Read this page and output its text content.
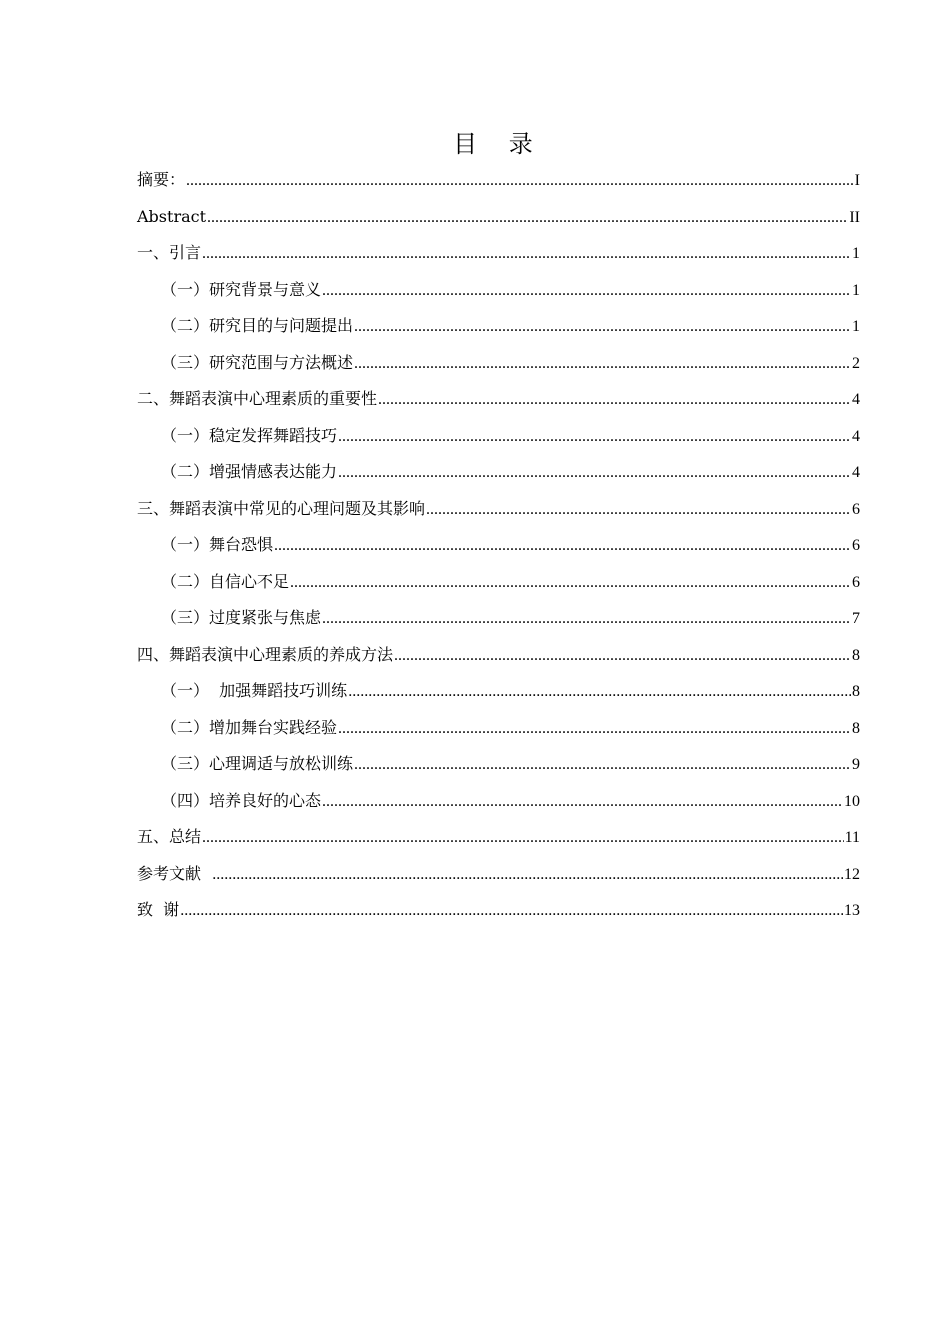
目 录
摘要： .....	I
Abstract .....	II
一、引言 .....	1
（一）研究背景与意义 .....	1
（二）研究目的与问题提出 .....	1
（三）研究范围与方法概述 .....	2
二、舞蹈表演中心理素质的重要性 .....	4
（一）稳定发挥舞蹈技巧 .....	4
（二）增强情感表达能力 .....	4
三、舞蹈表演中常见的心理问题及其影响 .....	6
（一）舞台恐惧 .....	6
（二）自信心不足 .....	6
（三）过度紧张与焦虑 .....	7
四、舞蹈表演中心理素质的养成方法 .....	8
（一）  加强舞蹈技巧训练 .....	8
（二）增加舞台实践经验 .....	8
（三）心理调适与放松训练 .....	9
（四）培养良好的心态 .....	10
五、总结 .....	11
参考文献 .....	12
致  谢 .....	13
